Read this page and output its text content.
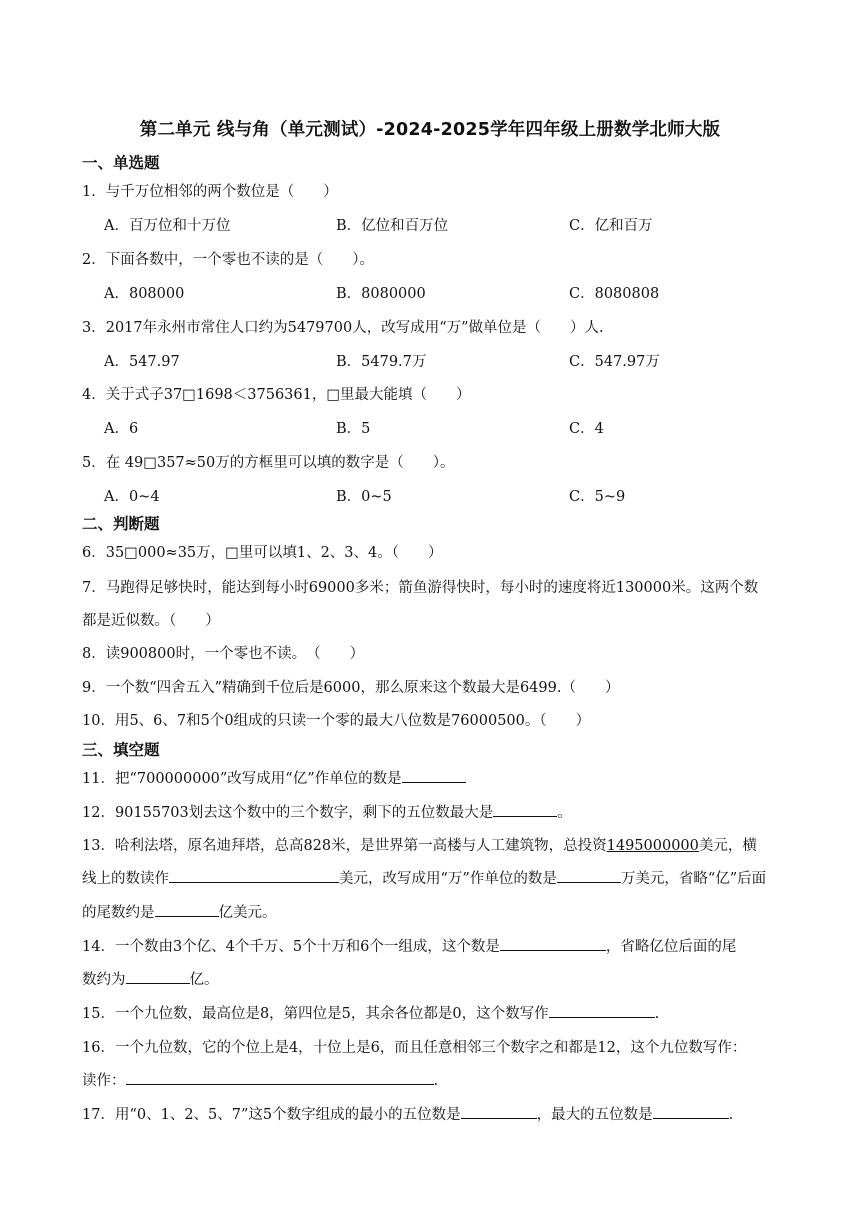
第二单元 线与角（单元测试）-2024-2025学年四年级上册数学北师大版
一、单选题
1．与千万位相邻的两个数位是（　　）
A．百万位和十万位	B．亿位和百万位	C．亿和百万
2．下面各数中，一个零也不读的是（　　）。
A．808000	B．8080000	C．8080808
3．2017年永州市常住人口约为5479700人，改写成用“万”做单位是（　　）人.
A．547.97	B．5479.7万	C．547.97万
4．关于式子37□1698＜3756361，□里最大能填（　　）
A．6	B．5	C．4
5．在 49□357≈50万的方框里可以填的数字是（　　）。
A．0~4	B．0~5	C．5~9
二、判断题
6．35□000≈35万，□里可以填1、2、3、4。（　　）
7．马跑得足够快时，能达到每小时69000多米；箭鱼游得快时，每小时的速度将近130000米。这两个数
都是近似数。（　　）
8．读900800时，一个零也不读。　（　　）
9．一个数“四舍五入”精确到千位后是6000，那么原来这个数最大是6499.（　　）
10．用5、6、7和5个0组成的只读一个零的最大八位数是76000500。（　　）
三、填空题
11．把“700000000”改写成用“亿”作单位的数是
12．90155703划去这个数中的三个数字，剩下的五位数最大是	。
13．哈利法塔，原名迪拜塔，总高828米，是世界第一高楼与人工建筑物，总投资1495000000美元，横
线上的数读作	美元，改写成用“万”作单位的数是	万美元，省略“亿”后面
的尾数约是	亿美元。
14．一个数由3个亿、4个千万、5个十万和6个一组成，这个数是	，省略亿位后面的尾
数约为	亿。
15．一个九位数，最高位是8，第四位是5，其余各位都是0，这个数写作	.
16．一个九位数，它的个位上是4，十位上是6，而且任意相邻三个数字之和都是12，这个九位数写作：
读作：	.
17．用“0、1、2、5、7”这5个数字组成的最小的五位数是	，最大的五位数是	.
